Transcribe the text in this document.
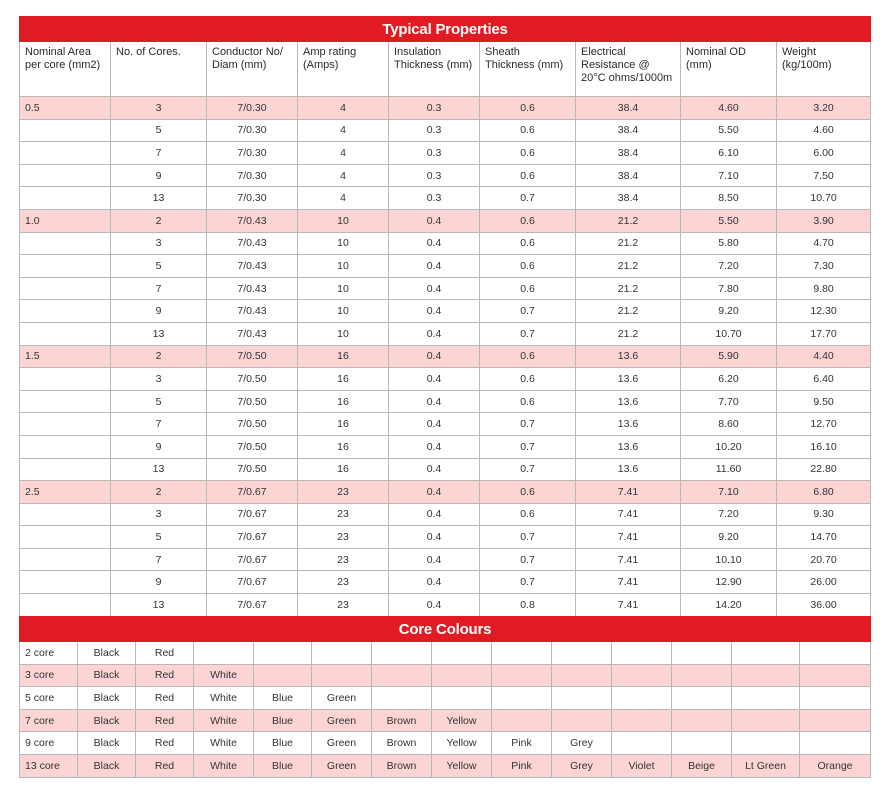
Typical Properties								
Nominal Area per core (mm2)	No. of Cores.	Conductor No/ Diam (mm)	Amp rating (Amps)	Insulation Thickness (mm)	Sheath Thickness (mm)	Electrical Resistance @ 20°C ohms/1000m	Nominal OD (mm)	Weight (kg/100m)
0.5	3	7/0.30	4	0.3	0.6	38.4	4.60	3.20
	5	7/0.30	4	0.3	0.6	38.4	5.50	4.60
	7	7/0.30	4	0.3	0.6	38.4	6.10	6.00
	9	7/0.30	4	0.3	0.6	38.4	7.10	7.50
	13	7/0.30	4	0.3	0.7	38.4	8.50	10.70
1.0	2	7/0.43	10	0.4	0.6	21.2	5.50	3.90
	3	7/0.43	10	0.4	0.6	21.2	5.80	4.70
	5	7/0.43	10	0.4	0.6	21.2	7.20	7.30
	7	7/0.43	10	0.4	0.6	21.2	7.80	9.80
	9	7/0.43	10	0.4	0.7	21.2	9.20	12.30
	13	7/0.43	10	0.4	0.7	21.2	10.70	17.70
1.5	2	7/0.50	16	0.4	0.6	13.6	5.90	4.40
	3	7/0.50	16	0.4	0.6	13.6	6.20	6.40
	5	7/0.50	16	0.4	0.6	13.6	7.70	9.50
	7	7/0.50	16	0.4	0.7	13.6	8.60	12.70
	9	7/0.50	16	0.4	0.7	13.6	10.20	16.10
	13	7/0.50	16	0.4	0.7	13.6	11.60	22.80
2.5	2	7/0.67	23	0.4	0.6	7.41	7.10	6.80
	3	7/0.67	23	0.4	0.6	7.41	7.20	9.30
	5	7/0.67	23	0.4	0.7	7.41	9.20	14.70
	7	7/0.67	23	0.4	0.7	7.41	10.10	20.70
	9	7/0.67	23	0.4	0.7	7.41	12.90	26.00
	13	7/0.67	23	0.4	0.8	7.41	14.20	36.00
Core Colours													
2 core	Black	Red											
3 core	Black	Red	White										
5 core	Black	Red	White	Blue	Green								
7 core	Black	Red	White	Blue	Green	Brown	Yellow						
9 core	Black	Red	White	Blue	Green	Brown	Yellow	Pink	Grey				
13 core	Black	Red	White	Blue	Green	Brown	Yellow	Pink	Grey	Violet	Beige	Lt Green	Orange
